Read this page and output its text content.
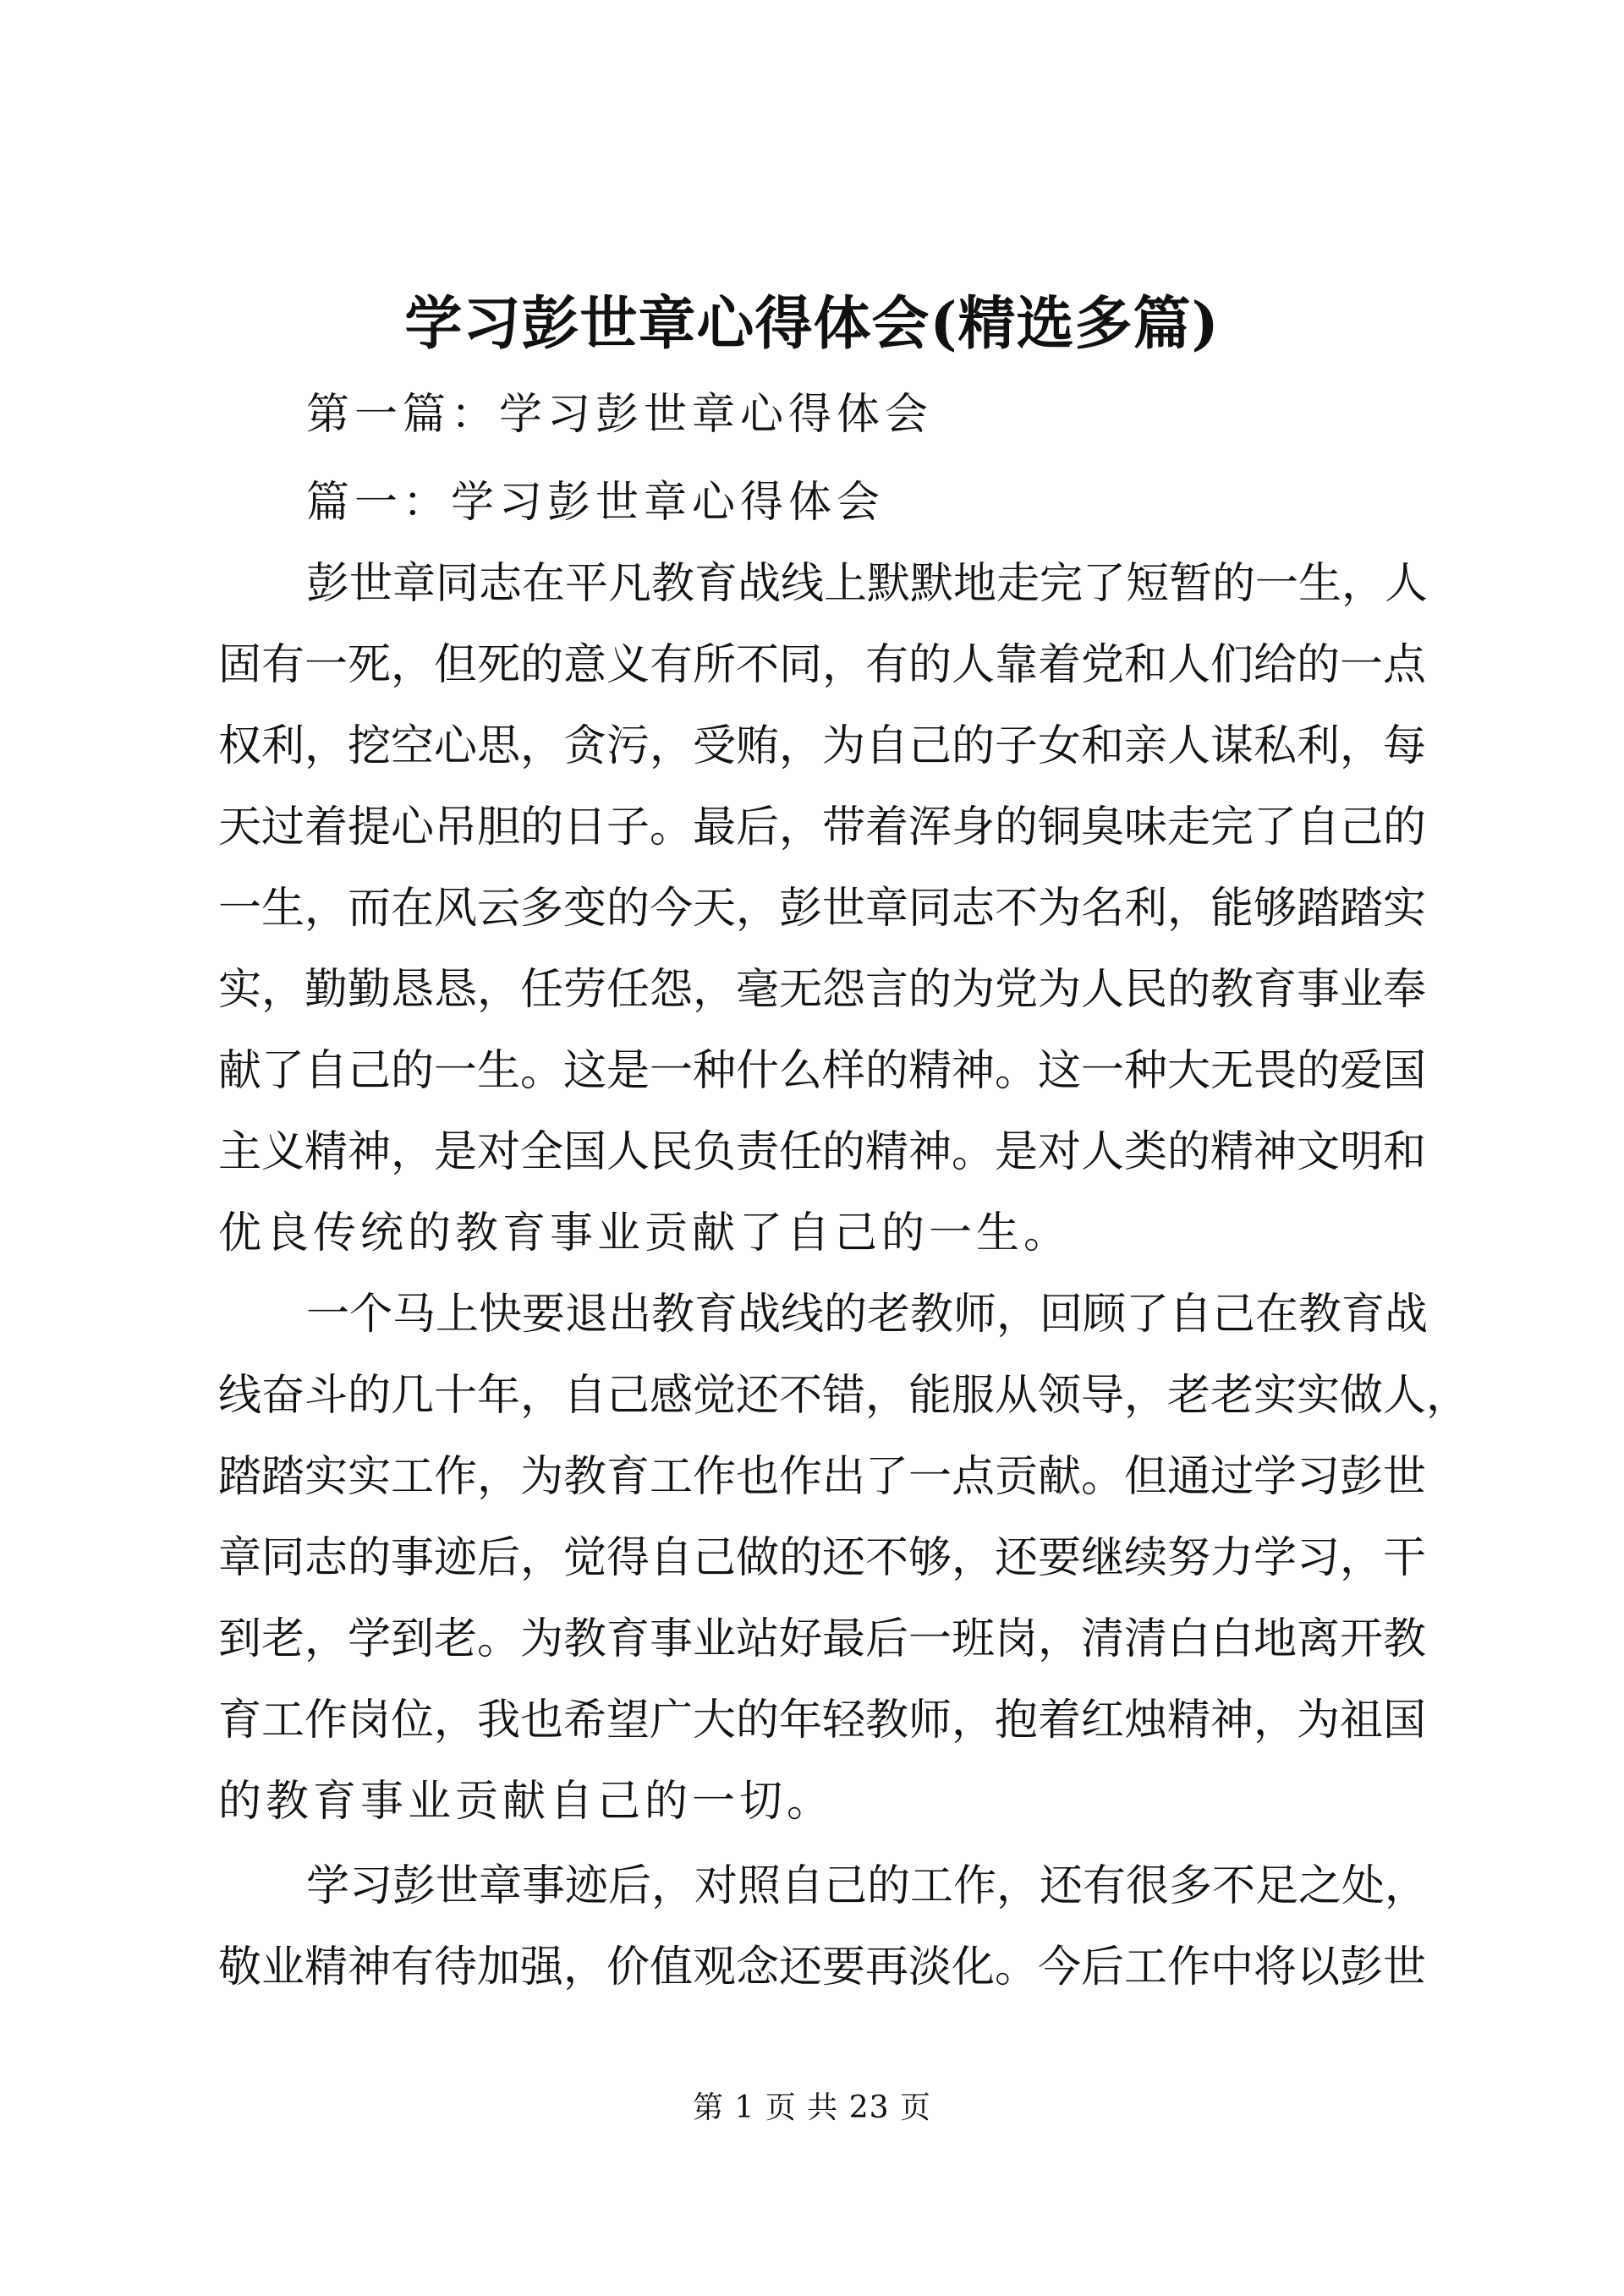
学习彭世章心得体会(精选多篇)
第一篇：学习彭世章心得体会
篇一：学习彭世章心得体会
彭世章同志在平凡教育战线上默默地走完了短暂的一生，人
固有一死，但死的意义有所不同，有的人靠着党和人们给的一点
权利，挖空心思，贪污，受贿，为自己的子女和亲人谋私利，每
天过着提心吊胆的日子。最后，带着浑身的铜臭味走完了自己的
一生，而在风云多变的今天，彭世章同志不为名利，能够踏踏实
实，勤勤恳恳，任劳任怨，毫无怨言的为党为人民的教育事业奉
献了自己的一生。这是一种什么样的精神。这一种大无畏的爱国
主义精神，是对全国人民负责任的精神。是对人类的精神文明和
优良传统的教育事业贡献了自己的一生。
一个马上快要退出教育战线的老教师，回顾了自己在教育战
线奋斗的几十年，自己感觉还不错，能服从领导，老老实实做人，
踏踏实实工作，为教育工作也作出了一点贡献。但通过学习彭世
章同志的事迹后，觉得自己做的还不够，还要继续努力学习，干
到老，学到老。为教育事业站好最后一班岗，清清白白地离开教
育工作岗位，我也希望广大的年轻教师，抱着红烛精神，为祖国
的教育事业贡献自己的一切。
学习彭世章事迹后，对照自己的工作，还有很多不足之处，
敬业精神有待加强，价值观念还要再淡化。今后工作中将以彭世
第 1 页 共 23 页
